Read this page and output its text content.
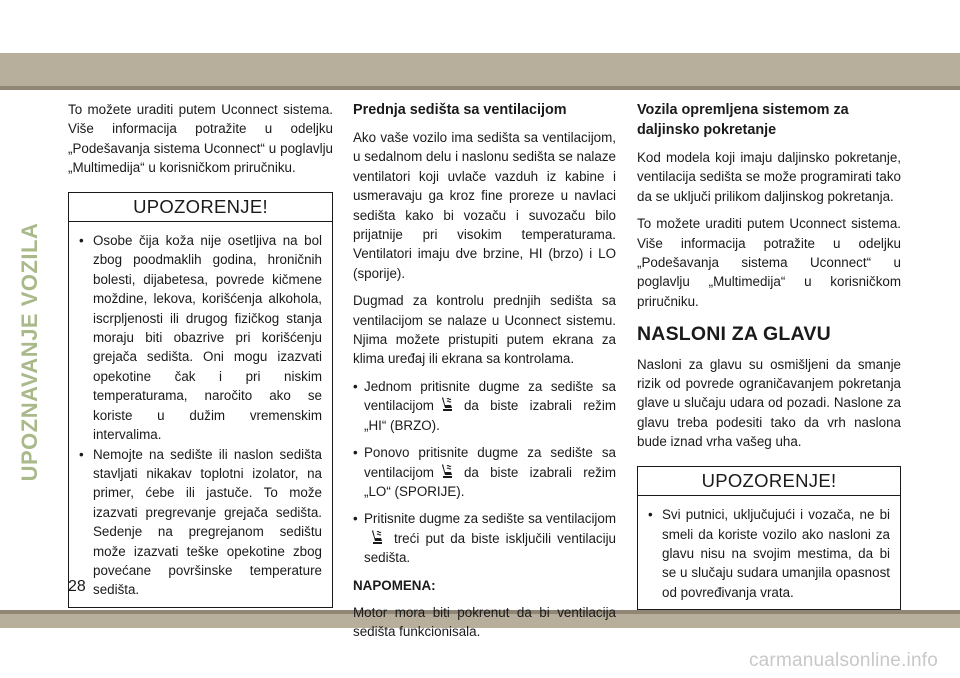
UPOZNAVANJE VOZILA

To možete uraditi putem Uconnect sistema. Više informacija potražite u odeljku „Podešavanja sistema Uconnect“ u poglavlju „Multimedija“ u korisničkom priručniku.

UPOZORENJE!
• Osobe čija koža nije osetljiva na bol zbog poodmaklih godina, hroničnih bolesti, dijabetesa, povrede kičmene moždine, lekova, korišćenja alkohola, iscrpljenosti ili drugog fizičkog stanja moraju biti obazrive pri korišćenju grejača sedišta. Oni mogu izazvati opekotine čak i pri niskim temperaturama, naročito ako se koriste u dužim vremenskim intervalima.
• Nemojte na sedište ili naslon sedišta stavljati nikakav toplotni izolator, na primer, ćebe ili jastuče. To može izazvati pregrevanje grejača sedišta. Sedenje na pregrejanom sedištu može izazvati teške opekotine zbog povećane površinske temperature sedišta.
Prednja sedišta sa ventilacijom

Ako vaše vozilo ima sedišta sa ventilacijom, u sedalnom delu i naslonu sedišta se nalaze ventilatori koji uvlače vazduh iz kabine i usmeravaju ga kroz fine proreze u navlaci sedišta kako bi vozaču i suvozaču bilo prijatnije pri visokim temperaturama. Ventilatori imaju dve brzine, HI (brzo) i LO (sporije).

Dugmad za kontrolu prednjih sedišta sa ventilacijom se nalaze u Uconnect sistemu. Njima možete pristupiti putem ekrana za klima uređaj ili ekrana sa kontrolama.

• Jednom pritisnite dugme za sedište sa ventilacijom da biste izabrali režim „HI“ (BRZO).
• Ponovo pritisnite dugme za sedište sa ventilacijom da biste izabrali režim „LO“ (SPORIJE).
• Pritisnite dugme za sedište sa ventilacijom treći put da biste isključili ventilaciju sedišta.

NAPOMENA:

Motor mora biti pokrenut da bi ventilacija sedišta funkcionisala.

Vozila opremljena sistemom za daljinsko pokretanje

Kod modela koji imaju daljinsko pokretanje, ventilacija sedišta se može programirati tako da se uključi prilikom daljinskog pokretanja.

To možete uraditi putem Uconnect sistema. Više informacija potražite u odeljku „Podešavanja sistema Uconnect“ u poglavlju „Multimedija“ u korisničkom priručniku.

NASLONI ZA GLAVU

Nasloni za glavu su osmišljeni da smanje rizik od povrede ograničavanjem pokretanja glave u slučaju udara od pozadi. Naslone za glavu treba podesiti tako da vrh naslona bude iznad vrha vašeg uha.

UPOZORENJE!
• Svi putnici, uključujući i vozača, ne bi smeli da koriste vozilo ako nasloni za glavu nisu na svojim mestima, da bi se u slučaju sudara umanjila opasnost od povređivanja vrata.
28
carmanualsonline.info
